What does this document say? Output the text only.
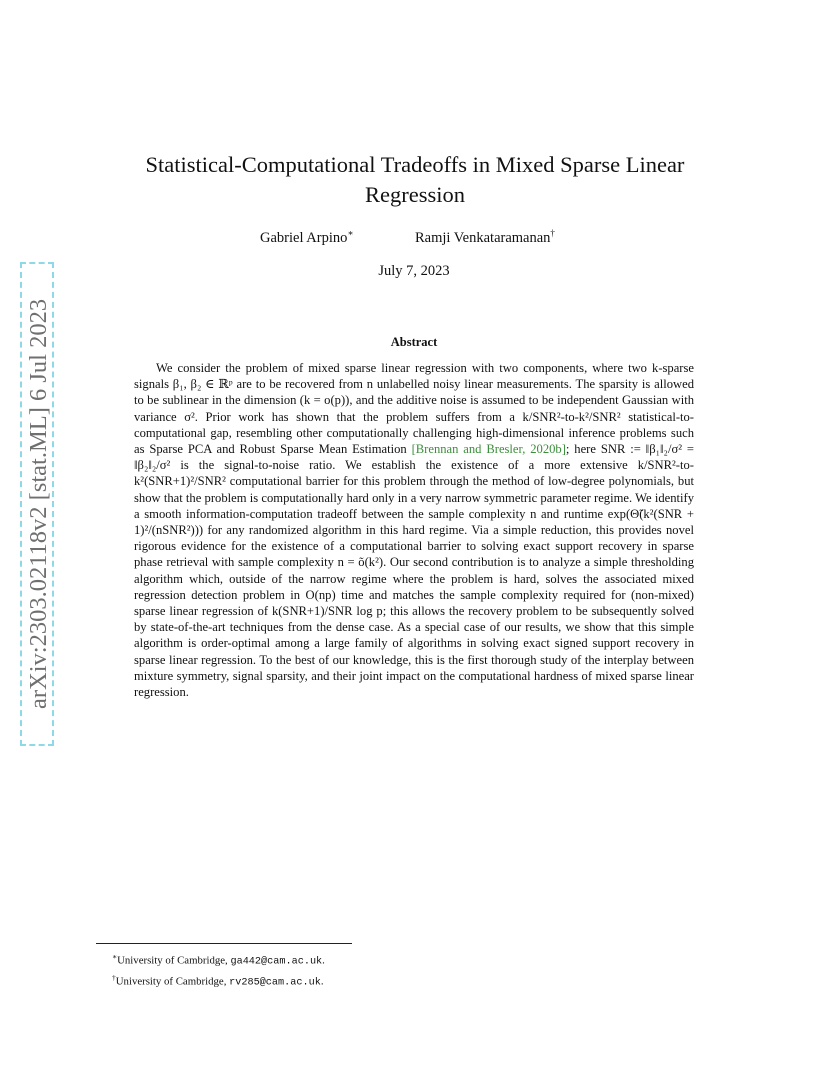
arXiv:2303.02118v2 [stat.ML] 6 Jul 2023
Statistical-Computational Tradeoffs in Mixed Sparse Linear Regression
Gabriel Arpino∗	Ramji Venkataramanan†
July 7, 2023
Abstract

We consider the problem of mixed sparse linear regression with two components, where two k-sparse signals β₁, β₂ ∈ ℝᵖ are to be recovered from n unlabelled noisy linear measurements. The sparsity is allowed to be sublinear in the dimension (k = o(p)), and the additive noise is assumed to be independent Gaussian with variance σ². Prior work has shown that the problem suffers from a k/SNR²-to-k²/SNR² statistical-to-computational gap, resembling other computationally challenging high-dimensional inference problems such as Sparse PCA and Robust Sparse Mean Estimation [Brennan and Bresler, 2020b]; here SNR := ‖β₁‖₂/σ² = ‖β₂‖₂/σ² is the signal-to-noise ratio. We establish the existence of a more extensive k/SNR²-to-k²(SNR+1)²/SNR² computational barrier for this problem through the method of low-degree polynomials, but show that the problem is computationally hard only in a very narrow symmetric parameter regime. We identify a smooth information-computation tradeoff between the sample complexity n and runtime exp(Θ̃(k²(SNR + 1)²/(nSNR²))) for any randomized algorithm in this hard regime. Via a simple reduction, this provides novel rigorous evidence for the existence of a computational barrier to solving exact support recovery in sparse phase retrieval with sample complexity n = õ(k²). Our second contribution is to analyze a simple thresholding algorithm which, outside of the narrow regime where the problem is hard, solves the associated mixed regression detection problem in O(np) time and matches the sample complexity required for (non-mixed) sparse linear regression of k(SNR+1)/SNR log p; this allows the recovery problem to be subsequently solved by state-of-the-art techniques from the dense case. As a special case of our results, we show that this simple algorithm is order-optimal among a large family of algorithms in solving exact signed support recovery in sparse linear regression. To the best of our knowledge, this is the first thorough study of the interplay between mixture symmetry, signal sparsity, and their joint impact on the computational hardness of mixed sparse linear regression.

∗University of Cambridge, ga442@cam.ac.uk.
†University of Cambridge, rv285@cam.ac.uk.
